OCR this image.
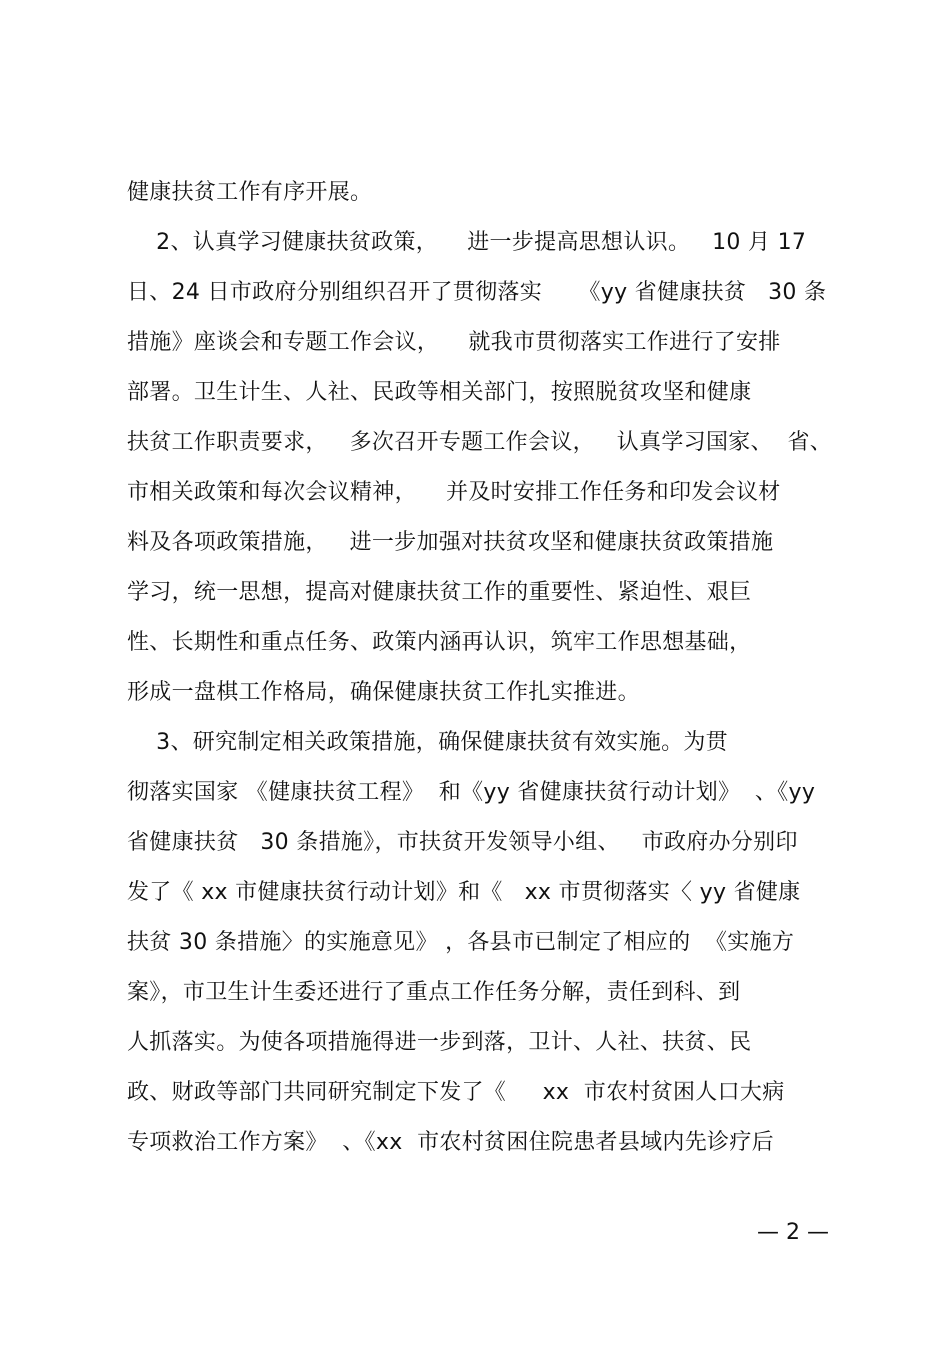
健康扶贫工作有序开展。

2、认真学习健康扶贫政策，    进一步提高思想认识。   10 月 17

日、24 日市政府分别组织召开了贯彻落实     《yy 省健康扶贫   30 条

措施》座谈会和专题工作会议，    就我市贯彻落实工作进行了安排

部署。卫生计生、人社、民政等相关部门，按照脱贫攻坚和健康

扶贫工作职责要求，   多次召开专题工作会议，   认真学习国家、  省、

市相关政策和每次会议精神，    并及时安排工作任务和印发会议材

料及各项政策措施，   进一步加强对扶贫攻坚和健康扶贫政策措施

学习，统一思想，提高对健康扶贫工作的重要性、紧迫性、艰巨

性、长期性和重点任务、政策内涵再认识，筑牢工作思想基础，

形成一盘棋工作格局，确保健康扶贫工作扎实推进。

3、研究制定相关政策措施，确保健康扶贫有效实施。为贯

彻落实国家 《健康扶贫工程》  和《yy 省健康扶贫行动计划》  、《yy

省健康扶贫   30 条措施》，市扶贫开发领导小组、   市政府办分别印

发了《 xx 市健康扶贫行动计划》和《   xx 市贯彻落实〈 yy 省健康

扶贫 30 条措施〉的实施意见》 ，各县市已制定了相应的  《实施方

案》，市卫生计生委还进行了重点工作任务分解，责任到科、到

人抓落实。为使各项措施得进一步到落，卫计、人社、扶贫、民

政、财政等部门共同研究制定下发了《     xx  市农村贫困人口大病

专项救治工作方案》  、《xx  市农村贫困住院患者县域内先诊疗后

— 2 —
